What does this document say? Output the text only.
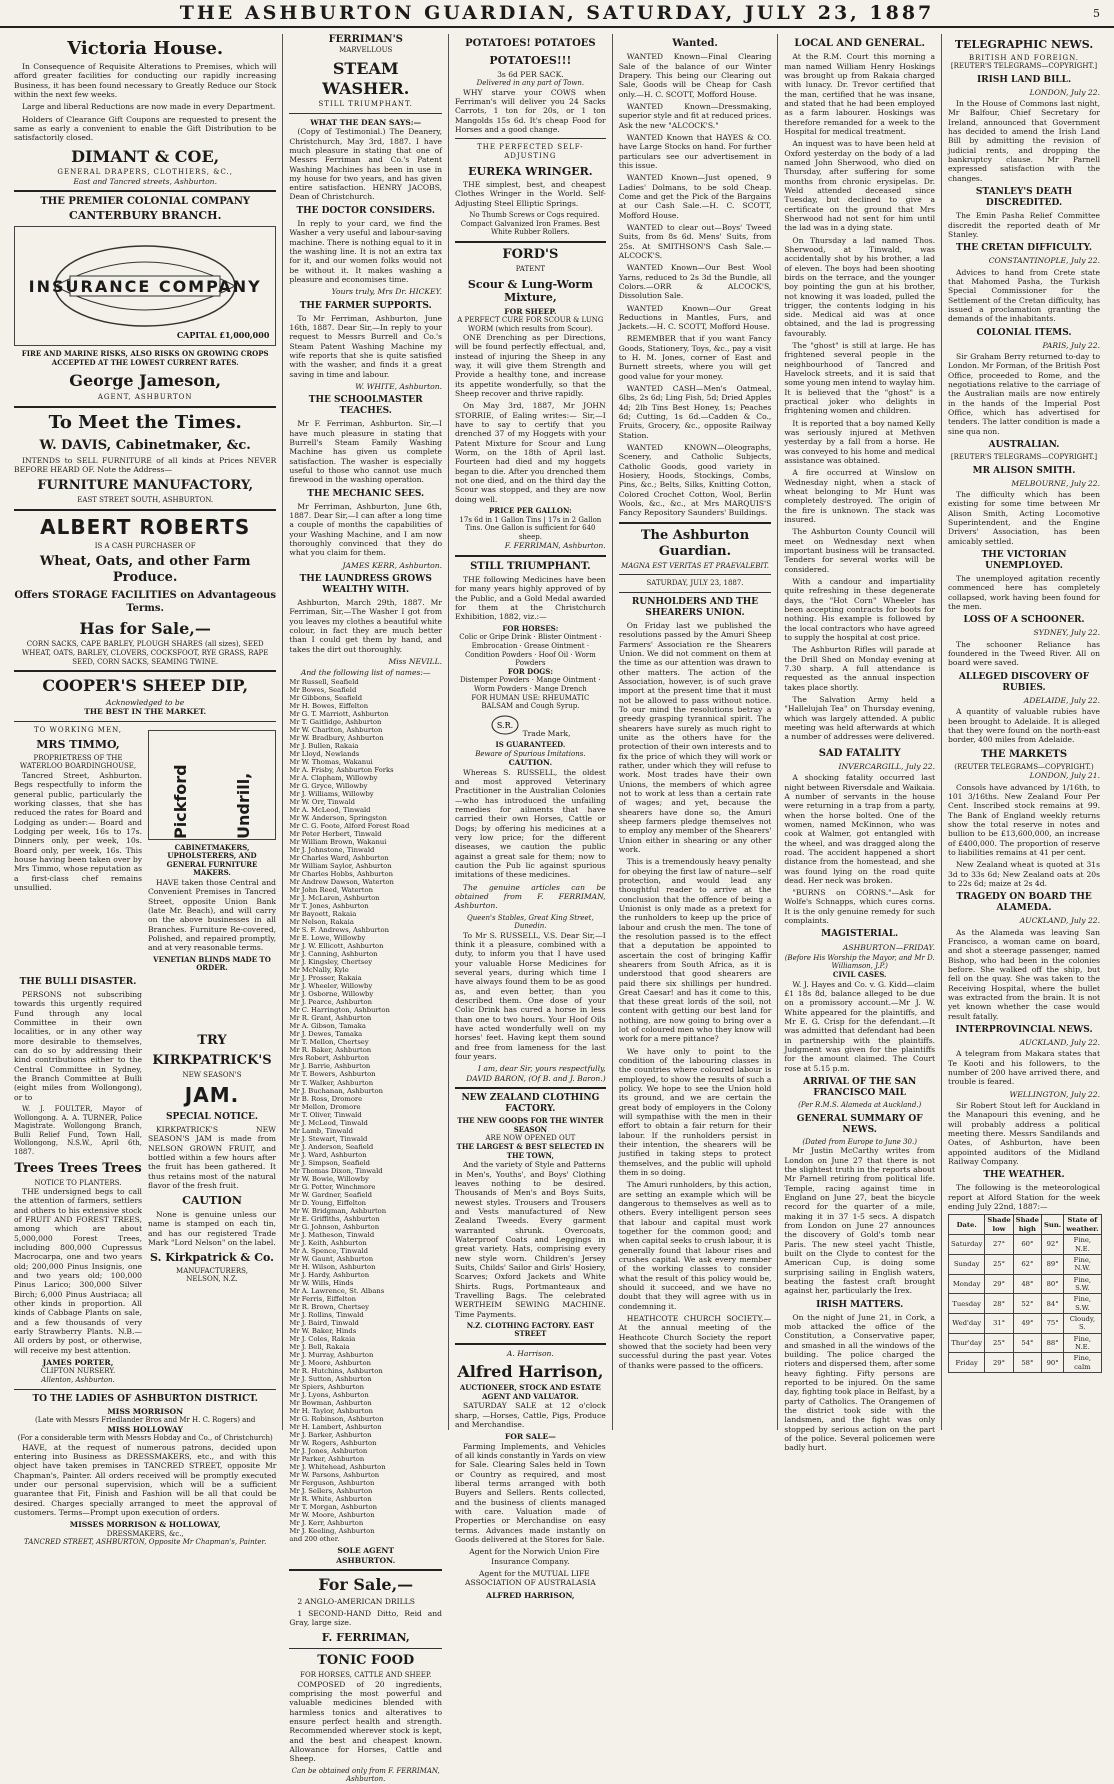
THE ASHBURTON GUARDIAN, SATURDAY, JULY 23, 1887	5
Victoria House.

In Consequence of Requisite Alterations to Premises, which will afford greater facilities for conducting our rapidly increasing Business, it has been found necessary to Greatly Reduce our Stock within the next few weeks.

Large and liberal Reductions are now made in every Department.

Holders of Clearance Gift Coupons are requested to present the same as early a convenient to enable the Gift Distribution to be satisfactorily closed.

DIMANT & COE,
GENERAL DRAPERS, CLOTHIERS, &C.,
East and Tancred streets, Ashburton.
THE PREMIER COLONIAL COMPANY
CANTERBURY BRANCH.
INSURANCE COMPANY
CAPITAL £1,000,000
FIRE AND MARINE RISKS, ALSO RISKS ON GROWING CROPS ACCEPTED AT THE LOWEST CURRENT RATES.
George Jameson,
AGENT, ASHBURTON
To Meet the Times.
W. DAVIS, Cabinetmaker, &c.

INTENDS to SELL FURNITURE of all kinds at Prices NEVER BEFORE HEARD OF. Note the Address—

FURNITURE MANUFACTORY,
EAST STREET SOUTH, ASHBURTON.
ALBERT ROBERTS
IS A CASH PURCHASER OF
Wheat, Oats, and other Farm Produce.
Offers STORAGE FACILITIES on Advantageous Terms.
Has for Sale,—
CORN SACKS, CAPE BARLEY, PLOUGH SHARES (all sizes), SEED WHEAT, OATS, BARLEY, CLOVERS, COCKSFOOT, RYE GRASS, RAPE SEED, CORN SACKS, SEAMING TWINE.
COOPER'S SHEEP DIP,
Acknowledged to be
THE BEST IN THE MARKET.
TO WORKING MEN,
MRS TIMMO,
PROPRIETRESS OF THE WATERLOO BOARDINGHOUSE,

Tancred Street, Ashburton. Begs respectfully to inform the general public, particularly the working classes, that she has reduced the rates for Board and Lodging as under:— Board and Lodging per week, 16s to 17s. Dinners only, per week, 10s. Board only, per week, 16s. This house having been taken over by Mrs Timmo, whose reputation as a first-class chef remains unsullied.

Pickford	Undrill,
CABINETMAKERS, UPHOLSTERERS, AND GENERAL FURNITURE MAKERS.

HAVE taken those Central and Convenient Premises in Tancred Street, opposite Union Bank (late Mr. Beach), and will carry on the above businesses in all Branches. Furniture Re-covered, Polished, and repaired promptly, and at very reasonable terms.

VENETIAN BLINDS MADE TO ORDER.
THE BULLI DISASTER.

PERSONS not subscribing towards this urgently required Fund through any local Committee in their own localities, or in any other way more desirable to themselves, can do so by addressing their kind contributions either to the Central Committee in Sydney, the Branch Committee at Bulli (eight miles from Wollongong), or to

W. J. FOULTER, Mayor of Wollongong. A. A. TURNER, Police Magistrate. Wollongong Branch, Bulli Relief Fund, Town Hall, Wollongong, N.S.W., April 6th, 1887.

Trees Trees Trees
NOTICE TO PLANTERS.

THE undersigned begs to call the attention of farmers, settlers and others to his extensive stock of FRUIT AND FOREST TREES, among which are about 5,000,000 Forest Trees, including 800,000 Cupressus Macrocarpa, one and two years old; 200,000 Pinus Insignis, one and two years old; 100,000 Pinus Larico; 300,000 Silver Birch; 6,000 Pinus Austriaca; all other kinds in proportion. All kinds of Cabbage Plants on sale, and a few thousands of very early Strawberry Plants. N.B.—All orders by post, or otherwise, will receive my best attention.

JAMES PORTER,
CLIFTON NURSERY.
Allenton, Ashburton.
TRY
KIRKPATRICK'S
NEW SEASON'S
JAM.
SPECIAL NOTICE.

KIRKPATRICK'S NEW SEASON'S JAM is made from NELSON GROWN FRUIT, and bottled within a few hours after the fruit has been gathered. It thus retains most of the natural flavor of the fresh fruit.

CAUTION

None is genuine unless our name is stamped on each tin, and has our registered Trade Mark "Lord Nelson" on the label.

S. Kirkpatrick & Co.
MANUFACTURERS,
NELSON, N.Z.
TO THE LADIES OF ASHBURTON DISTRICT.
MISS MORRISON
(Late with Messrs Friedlander Bros and Mr H. C. Rogers) and
MISS HOLLOWAY
(For a considerable term with Messrs Hobday and Co., of Christchurch)

HAVE, at the request of numerous patrons, decided upon entering into Business as DRESSMAKERS, etc., and with this object have taken premises in TANCRED STREET, opposite Mr Chapman's, Painter. All orders received will be promptly executed under our personal supervision, which will be a sufficient guarantee that Fit, Finish and Fashion will be all that could be desired. Charges specially arranged to meet the approval of customers. Terms—Prompt upon execution of orders.

MISSES MORRISON & HOLLOWAY,
DRESSMAKERS, &c.,
TANCRED STREET, ASHBURTON, Opposite Mr Chapman's, Painter.
FERRIMAN'S
MARVELLOUS
STEAM WASHER.
STILL TRIUMPHANT.
WHAT THE DEAN SAYS:—

(Copy of Testimonial.) The Deanery, Christchurch, May 3rd, 1887. I have much pleasure in stating that one of Messrs Ferriman and Co.'s Patent Washing Machines has been in use in my house for two years, and has given entire satisfaction. HENRY JACOBS, Dean of Christchurch.

THE DOCTOR CONSIDERS.

In reply to your card, we find the Washer a very useful and labour-saving machine. There is nothing equal to it in the washing line. It is not an extra tax for it, and our women folks would not be without it. It makes washing a pleasure and economises time.

Yours truly, Mrs Dr. HICKEY.
THE FARMER SUPPORTS.

To Mr Ferriman, Ashburton, June 16th, 1887. Dear Sir,—In reply to your request to Messrs Burrell and Co.'s Steam Patent Washing Machine my wife reports that she is quite satisfied with the washer, and finds it a great saving in time and labour.

W. WHITE, Ashburton.
THE SCHOOLMASTER TEACHES.

Mr F. Ferriman, Ashburton. Sir,—I have much pleasure in stating that Burrell's Steam Family Washing Machine has given us complete satisfaction. The washer is especially useful to those who cannot use much firewood in the washing operation.

THE MECHANIC SEES.

Mr Ferriman, Ashburton, June 6th, 1887. Dear Sir,—I can after a long time a couple of months the capabilities of your Washing Machine, and I am now thoroughly convinced that they do what you claim for them.

JAMES KERR, Ashburton.
THE LAUNDRESS GROWS WEALTHY WITH.

Ashburton, March 29th, 1887. Mr Ferriman, Sir,—The Washer I got from you leaves my clothes a beautiful white colour, in fact they are much better than I could get them by hand, and takes the dirt out thoroughly.

Miss NEVILL.
And the following list of names:—
Mr Russell, Seafield
Mr Bowes, Seafield
Mr Gibbons, Seafield
Mr H. Bowes, Eiffelton
Mr G. T. Marriott, Ashburton
Mr T. Gaitlidge, Ashburton
Mr W. Charlton, Ashburton
Mr W. Bradbury, Ashburton
Mr J. Bullen, Rakaia
Mr Lloyd, Newlands
Mr W. Thomas, Wakanui
Mr A. Frisby, Ashburton Forks
Mr A. Clapham, Willowby
Mr G. Gryce, Willowby
Mr J. Williams, Willowby
Mr W. Orr, Tinwald
Mr A. McLeod, Tinwald
Mr W. Anderson, Springston
Mr C. G. Foote, Alford Forest Road
Mr Peter Herbert, Tinwald
Mr William Brown, Wakanui
Mr J. Johnstone, Tinwald
Mr Charles Ward, Ashburton
Mr William Saylor, Ashburton
Mr Charles Hobbs, Ashburton
Mr Andrew Dawson, Waterton
Mr John Reed, Waterton
Mr J. McLaren, Ashburton
Mr T. Jones, Ashburton
Mr Bayoett, Rakaia
Mr Nelson, Rakaia
Mr S. F. Andrews, Ashburton
Mr E. Lowe, Willowby
Mr J. W. Ellicott, Ashburton
Mr J. Canning, Ashburton
Mr J. Kingsley, Chertsey
Mr McNally, Kyle
Mr J. Prosser, Rakaia
Mr J. Wheeler, Willowby
Mr J. Osborne, Willowby
Mr J. Pearce, Ashburton
Mr C. Harrington, Ashburton
Mr R. Grant, Ashburton
Mr A. Gibson, Tamaka
Mr J. Dewes, Tamaka
Mr T. Mellon, Chertsey
Mr R. Baker, Ashburton
Mrs Robert, Ashburton
Mr J. Barrie, Ashburton
Mr T. Bowers, Ashburton
Mr T. Walker, Ashburton
Mr J. Buchanan, Ashburton
Mr B. Ross, Dromore
Mr Mellon, Dromore
Mr T. Oliver, Tinwald
Mr J. McLeod, Tinwald
Mr Lamb, Tinwald
Mr J. Stewart, Tinwald
Mr J. Anderson, Seafield
Mr J. Ward, Ashburton
Mr J. Simpson, Seafield
Mr Thomas Dixon, Tinwald
Mr W. Bowie, Willowby
Mr G. Potter, Winchmore
Mr W. Gardner, Seafield
Mr D. Young, Eiffelton
Mr W. Bridgman, Ashburton
Mr E. Griffiths, Ashburton
Mr G. Johnson, Ashburton
Mr J. Matheson, Tinwald
Mr J. Keith, Ashburton
Mr A. Spence, Tinwald
Mr W. Gaunt, Ashburton
Mr H. Wilson, Ashburton
Mr J. Hardy, Ashburton
Mr W. Wills, Hinds
Mr A. Lawrence, St. Albans
Mr Ferris, Eiffelton
Mr R. Brown, Chertsey
Mr J. Rollins, Tinwald
Mr J. Baird, Tinwald
Mr W. Baker, Hinds
Mr J. Coles, Rakaia
Mr J. Bell, Rakaia
Mr J. Murray, Ashburton
Mr J. Moore, Ashburton
Mr R. Hutchins, Ashburton
Mr J. Sutton, Ashburton
Mr Spiers, Ashburton
Mr J. Lyons, Ashburton
Mr Bowman, Ashburton
Mr H. Taylor, Ashburton
Mr G. Robinson, Ashburton
Mr H. Lambert, Ashburton
Mr J. Barker, Ashburton
Mr W. Rogers, Ashburton
Mr J. Jones, Ashburton
Mr Parker, Ashburton
Mr J. Whitehead, Ashburton
Mr W. Parsons, Ashburton
Mr Ferguson, Ashburton
Mr J. Sellers, Ashburton
Mr R. White, Ashburton
Mr T. Morgan, Ashburton
Mr W. Moore, Ashburton
Mr J. Kerr, Ashburton
Mr J. Keeling, Ashburton
and 200 other.
SOLE AGENT
ASHBURTON.
For Sale,—

2 ANGLO-AMERICAN DRILLS

1 SECOND-HAND Ditto, Reid and Gray, large size.

F. FERRIMAN,
TONIC FOOD
FOR HORSES, CATTLE AND SHEEP.

COMPOSED of 20 ingredients, comprising the most powerful and valuable medicines blended with harmless tonics and alteratives to ensure perfect health and strength. Recommended wherever stock is kept, and the best and cheapest known. Allowance for Horses, Cattle and Sheep.

Can be obtained only from F. FERRIMAN, Ashburton.
POTATOES! POTATOES
POTATOES!!!
3s 6d PER SACK.
Delivered in any part of Town.

WHY starve your COWS when Ferriman's will deliver you 24 Sacks Carrots, 1 ton for 20s, or 1 ton Mangolds 15s 6d. It's cheap Food for Horses and a good change.

THE PERFECTED SELF-ADJUSTING
EUREKA WRINGER.

THE simplest, best, and cheapest Clothes Wringer in the World. Self-Adjusting Steel Elliptic Springs.

No Thumb Screws or Cogs required. Compact Galvanized Iron Frames. Best White Rubber Rollers.

FORD'S
PATENT
Scour & Lung-Worm Mixture,
FOR SHEEP.
A PERFECT CURE FOR SCOUR & LUNG WORM (which results from Scour).

ONE Drenching as per Directions, will be found perfectly effectual, and, instead of injuring the Sheep in any way, it will give them Strength and Provide a healthy tone, and increase its appetite wonderfully, so that the Sheep recover and thrive rapidly.

On May 3rd, 1887, Mr JOHN STORRIE, of Ealing writes:— Sir,—I have to say to certify that you drenched 37 of my Hoggets with your Patent Mixture for Scour and Lung Worm, on the 18th of April last. Fourteen had died and my hoggets began to die. After you drenched them not one died, and on the third day the Scour was stopped, and they are now doing well.

PRICE PER GALLON:
17s 6d in 1 Gallon Tins | 17s in 2 Gallon Tins. One Gallon is sufficient for 640 sheep.
F. FERRIMAN, Ashburton.
STILL TRIUMPHANT.

THE following Medicines have been for many years highly approved of by the Public, and a Gold Medal awarded for them at the Christchurch Exhibition, 1882, viz.:—

FOR HORSES:
Colic or Gripe Drink · Blister Ointment · Embrocation · Grease Ointment · Condition Powders · Hoof Oil · Worm Powders
FOR DOGS:
Distemper Powders · Mange Ointment · Worm Powders · Mange Drench
FOR HUMAN USE: RHEUMATIC BALSAM and Cough Syrup.
S.R.
Trade Mark,
IS GUARANTEED.
Beware of Spurious Imitations.
CAUTION.

Whereas S. RUSSELL, the oldest and most approved Veterinary Practitioner in the Australian Colonies—who has introduced the unfailing remedies for ailments that have carried their own Horses, Cattle or Dogs; by offering his medicines at a very low price; for the different diseases, we caution the public against a great sale for them; now to caution the Pub lic against spurious imitations of these medicines.

The genuine articles can be obtained from F. FERRIMAN, Ashburton.

Queen's Stables, Great King Street, Dunedin.

To Mr S. RUSSELL, V.S. Dear Sir,—I think it a pleasure, combined with a duty, to inform you that I have used your valuable Horse Medicines for several years, during which time I have always found them to be as good as, and even better, than you described them. One dose of your Colic Drink has cured a horse in less than one to two hours. Your Hoof Oils have acted wonderfully well on my horses' feet. Having kept them sound and free from lameness for the last four years.

I am, dear Sir, yours respectfully, DAVID BARON, (Of B. and J. Baron.)
NEW ZEALAND CLOTHING FACTORY.
THE NEW GOODS FOR THE WINTER SEASON
ARE NOW OPENED OUT
THE LARGEST & BEST SELECTED IN THE TOWN,

And the variety of Style and Patterns in Men's, Youths', and Boys' Clothing leaves nothing to be desired. Thousands of Men's and Boys Suits, newest styles. Trousers and Trousers and Vests manufactured of New Zealand Tweeds. Every garment warranted shrunk. Overcoats, Waterproof Coats and Leggings in great variety. Hats, comprising every new style worn. Children's Jersey Suits, Childs' Sailor and Girls' Hosiery, Scarves; Oxford Jackets and White Shirts. Rugs, Portmanteaux and Travelling Bags. The celebrated WERTHEIM SEWING MACHINE. Time Payments.

N.Z. CLOTHING FACTORY. EAST STREET
A. Harrison.
Alfred Harrison,
AUCTIONEER, STOCK AND ESTATE AGENT AND VALUATOR.

SATURDAY SALE at 12 o'clock sharp, —Horses, Cattle, Pigs, Produce and Merchandise.

FOR SALE—

Farming Implements, and Vehicles of all kinds constantly in Yards on view for Sale. Clearing Sales held in Town or Country as required, and most liberal terms arranged with both Buyers and Sellers. Rents collected, and the business of clients managed with care. Valuation made of Properties or Merchandise on easy terms. Advances made instantly on Goods delivered at the Stores for Sale.

Agent for the Norwich Union Fire Insurance Company.

Agent for the MUTUAL LIFE ASSOCIATION OF AUSTRALASIA

ALFRED HARRISON,
Wanted.

WANTED Known—Final Clearing Sale of the balance of our Winter Drapery. This being our Clearing out Sale, Goods will be Cheap for Cash only.—H. C. SCOTT, Mofford House.

WANTED Known—Dressmaking, superior style and fit at reduced prices. Ask the new "ALCOCK'S."

WANTED Known that HAYES & CO. have Large Stocks on hand. For further particulars see our advertisement in this issue.

WANTED Known—Just opened, 9 Ladies' Dolmans, to be sold Cheap. Come and get the Pick of the Bargains at our Cash Sale.—H. C. SCOTT, Mofford House.

WANTED to clear out—Boys' Tweed Suits, from 8s 6d. Mens' Suits, from 25s. At SMITHSON'S Cash Sale.—ALCOCK'S.

WANTED Known—Our Best Wool Yarns, reduced to 2s 3d the Bundle, all Colors.—ORR & ALCOCK'S, Dissolution Sale.

WANTED Known—Our Great Reductions in Mantles, Furs, and Jackets.—H. C. SCOTT, Mofford House.

REMEMBER that if you want Fancy Goods, Stationery, Toys, &c., pay a visit to H. M. Jones, corner of East and Burnett streets, where you will get good value for your money.

WANTED CASH—Men's Oatmeal, 6lbs, 2s 6d; Ling Fish, 5d; Dried Apples 4d; 2lb Tins Best Honey, 1s; Peaches 6d; Cutting, 1s 6d.—Cadden & Co., Fruits, Grocery, &c., opposite Railway Station.

WANTED KNOWN—Oleographs, Scenery, and Catholic Subjects, Catholic Goods, good variety in Hosiery, Hoods, Stockings, Combs, Pins, &c.; Belts, Silks, Knitting Cotton, Colored Crochet Cotton, Wool, Berlin Wools, &c., &c., at Mrs MARQUIS'S Fancy Repository Saunders' Buildings.

The Ashburton Guardian.
MAGNA EST VERITAS ET PRAEVALEBIT.
SATURDAY, JULY 23, 1887.
RUNHOLDERS AND THE SHEARERS UNION.

On Friday last we published the resolutions passed by the Amuri Sheep Farmers' Association re the Shearers Union. We did not comment on them at the time as our attention was drawn to other matters. The action of the Association, however, is of such grave import at the present time that it must not be allowed to pass without notice. To our mind the resolutions betray a greedy grasping tyrannical spirit. The shearers have surely as much right to unite as the others have for the protection of their own interests and to fix the price of which they will work or rather, under which they will refuse to work. Most trades have their own Unions, the members of which agree not to work at less than a certain rate of wages; and yet, because the shearers have done so, the Amuri sheep farmers pledge themselves not to employ any member of the Shearers' Union either in shearing or any other work.

This is a tremendously heavy penalty for obeying the first law of nature—self protection, and would lead any thoughtful reader to arrive at the conclusion that the offence of being a Unionist is only made as a pretext for the runholders to keep up the price of labour and crush the men. The tone of the resolution passed is to the effect that a deputation be appointed to ascertain the cost of bringing Kaffir shearers from South Africa, as it is understood that good shearers are paid there six shillings per hundred. Great Caesar! and has it come to this, that these great lords of the soil, not content with getting our best land for nothing, are now going to bring over a lot of coloured men who they know will work for a mere pittance?

We have only to point to the condition of the labouring classes in the countries where coloured labour is employed, to show the results of such a policy. We hope to see the Union hold its ground, and we are certain the great body of employers in the Colony will sympathise with the men in their effort to obtain a fair return for their labour. If the runholders persist in their intention, the shearers will be justified in taking steps to protect themselves, and the public will uphold them in so doing.

The Amuri runholders, by this action, are setting an example which will be dangerous to themselves as well as to others. Every intelligent person sees that labour and capital must work together for the common good; and when capital seeks to crush labour, it is generally found that labour rises and crushes capital. We ask every member of the working classes to consider what the result of this policy would be, should it succeed, and we have no doubt that they will agree with us in condemning it.

HEATHCOTE CHURCH SOCIETY.—At the annual meeting of the Heathcote Church Society the report showed that the society had been very successful during the past year. Votes of thanks were passed to the officers.

LOCAL AND GENERAL.

At the R.M. Court this morning a man named William Henry Hoskings was brought up from Rakaia charged with lunacy. Dr. Trevor certified that the man, certified that he was insane, and stated that he had been employed as a farm labourer. Hoskings was therefore remanded for a week to the Hospital for medical treatment.

An inquest was to have been held at Oxford yesterday on the body of a lad named John Sherwood, who died on Thursday, after suffering for some months from chronic erysipelas. Dr. Weld attended deceased since Tuesday, but declined to give a certificate on the ground that Mrs Sherwood had not sent for him until the lad was in a dying state.

On Thursday a lad named Thos. Sherwood, at Tinwald, was accidentally shot by his brother, a lad of eleven. The boys had been shooting birds on the terrace, and the younger boy pointing the gun at his brother, not knowing it was loaded, pulled the trigger, the contents lodging in his side. Medical aid was at once obtained, and the lad is progressing favourably.

The "ghost" is still at large. He has frightened several people in the neighbourhood of Tancred and Havelock streets, and it is said that some young men intend to waylay him. It is believed that the "ghost" is a practical joker who delights in frightening women and children.

It is reported that a boy named Kelly was seriously injured at Methven yesterday by a fall from a horse. He was conveyed to his home and medical assistance was obtained.

A fire occurred at Winslow on Wednesday night, when a stack of wheat belonging to Mr Hunt was completely destroyed. The origin of the fire is unknown. The stack was insured.

The Ashburton County Council will meet on Wednesday next when important business will be transacted. Tenders for several works will be considered.

With a candour and impartiality quite refreshing in these degenerate days, the "Hot Corn" Wheeler has been accepting contracts for boots for nothing. His example is followed by the local contractors who have agreed to supply the hospital at cost price.

The Ashburton Rifles will parade at the Drill Shed on Monday evening at 7.30 sharp. A full attendance is requested as the annual inspection takes place shortly.

The Salvation Army held a "Hallelujah Tea" on Thursday evening, which was largely attended. A public meeting was held afterwards at which a number of addresses were delivered.

SAD FATALITY
INVERCARGILL, July 22.

A shocking fatality occurred last night between Riversdale and Waikaia. A number of servants in the house were returning in a trap from a party, when the horse bolted. One of the women, named McKinnon, who was cook at Walmer, got entangled with the wheel, and was dragged along the road. The accident happened a short distance from the homestead, and she was found lying on the road quite dead. Her neck was broken.

"BURNS on CORNS."—Ask for Wolfe's Schnapps, which cures corns. It is the only genuine remedy for such complaints.

MAGISTERIAL.
ASHBURTON—FRIDAY.
(Before His Worship the Mayor, and Mr D. Williamson, J.P.)
CIVIL CASES.

W. J. Hayes and Co. v. G. Kidd—claim £1 18s 8d, balance alleged to be due on a promissory account.—Mr J. W. White appeared for the plaintiffs, and Mr E. G. Crisp for the defendant.—It was admitted that defendant had been in partnership with the plaintiffs. Judgment was given for the plaintiffs for the amount claimed. The Court rose at 5.15 p.m.

ARRIVAL OF THE SAN FRANCISCO MAIL
(Per R.M.S. Alameda at Auckland.)
GENERAL SUMMARY OF NEWS.
(Dated from Europe to June 30.)

Mr Justin McCarthy writes from London on June 27 that there is not the slightest truth in the reports about Mr Parnell retiring from political life. Temple, racing against time in England on June 27, beat the bicycle record for the quarter of a mile, making it in 37 1-5 secs. A dispatch from London on June 27 announces the discovery of Gold's tomb near Paris. The new steel yacht Thistle, built on the Clyde to contest for the American Cup, is doing some surprising sailing in English waters, beating the fastest craft brought against her, particularly the Irex.

IRISH MATTERS.

On the night of June 21, in Cork, a mob attacked the office of the Constitution, a Conservative paper, and smashed in all the windows of the building. The police charged the rioters and dispersed them, after some heavy fighting. Fifty persons are reported to be injured. On the same day, fighting took place in Belfast, by a party of Catholics. The Orangemen of the district took side with the landsmen, and the fight was only stopped by serious action on the part of the police. Several policemen were badly hurt.

TELEGRAPHIC NEWS.
BRITISH AND FOREIGN.
[REUTER'S TELEGRAMS—COPYRIGHT.]
IRISH LAND BILL.
LONDON, July 22.

In the House of Commons last night, Mr Balfour, Chief Secretary for Ireland, announced that Government has decided to amend the Irish Land Bill by admitting the revision of judicial rents, and dropping the bankruptcy clause. Mr Parnell expressed satisfaction with the changes.

STANLEY'S DEATH DISCREDITED.

The Emin Pasha Relief Committee discredit the reported death of Mr Stanley.

THE CRETAN DIFFICULTY.
CONSTANTINOPLE, July 22.

Advices to hand from Crete state that Mahomed Pasha, the Turkish Special Commissioner for the Settlement of the Cretan difficulty, has issued a proclamation granting the demands of the inhabitants.

COLONIAL ITEMS.
PARIS, July 22.

Sir Graham Berry returned to-day to London. Mr Forman, of the British Post Office, proceeded to Rome, and the negotiations relative to the carriage of the Australian mails are now entirely in the hands of the Imperial Post Office, which has advertised for tenders. The latter condition is made a sine qua non.

AUSTRALIAN.
[REUTER'S TELEGRAMS—COPYRIGHT.]
MR ALISON SMITH.
MELBOURNE, July 22.

The difficulty which has been existing for some time between Mr Alison Smith, Acting Locomotive Superintendent, and the Engine Drivers' Association, has been amicably settled.

THE VICTORIAN UNEMPLOYED.

The unemployed agitation recently commenced here has completely collapsed, work having been found for the men.

LOSS OF A SCHOONER.
SYDNEY, July 22.

The schooner Reliance has foundered in the Tweed River. All on board were saved.

ALLEGED DISCOVERY OF RUBIES.
ADELAIDE, July 22.

A quantity of valuable rubies have been brought to Adelaide. It is alleged that they were found on the north-east border, 400 miles from Adelaide.

THE MARKETS
(REUTER TELEGRAMS—COPYRIGHT.)
LONDON, July 21.

Consols have advanced by 1/16th, to 101 3/16ths. New Zealand Four Per Cent. Inscribed stock remains at 99. The Bank of England weekly returns show the total reserve in notes and bullion to be £13,600,000, an increase of £400,000. The proportion of reserve to liabilities remains at 41 per cent.

New Zealand wheat is quoted at 31s 3d to 33s 6d; New Zealand oats at 20s to 22s 6d; maize at 2s 4d.

TRAGEDY ON BOARD THE ALAMEDA.
AUCKLAND, July 22.

As the Alameda was leaving San Francisco, a woman came on board, and shot a steerage passenger, named Bishop, who had been in the colonies before. She walked off the ship, but fell on the quay. She was taken to the Receiving Hospital, where the bullet was extracted from the brain. It is not yet known whether the case would result fatally.

INTERPROVINCIAL NEWS.
AUCKLAND, July 22.

A telegram from Makara states that Te Kooti and his followers, to the number of 200 have arrived there, and trouble is feared.

WELLINGTON, July 22.

Sir Robert Stout left for Auckland in the Manapouri this evening, and he will probably address a political meeting there. Messrs Sandilands and Oates, of Ashburton, have been appointed auditors of the Midland Railway Company.

THE WEATHER.

The following is the meteorological report at Alford Station for the week ending July 22nd, 1887:—

Date.	Shade low	Shade high	Sun.	State of weather.
Saturday	27°	60°	92°	Fine, N.E.
Sunday	25°	62°	89°	Fine, N.W.
Monday	29°	48°	80°	Fine, S.W.
Tuesday	28°	52°	84°	Fine, S.W.
Wed'day	31°	49°	75°	Cloudy, S.
Thur'day	25°	54°	88°	Fine, N.E.
Friday	29°	58°	90°	Fine, calm
